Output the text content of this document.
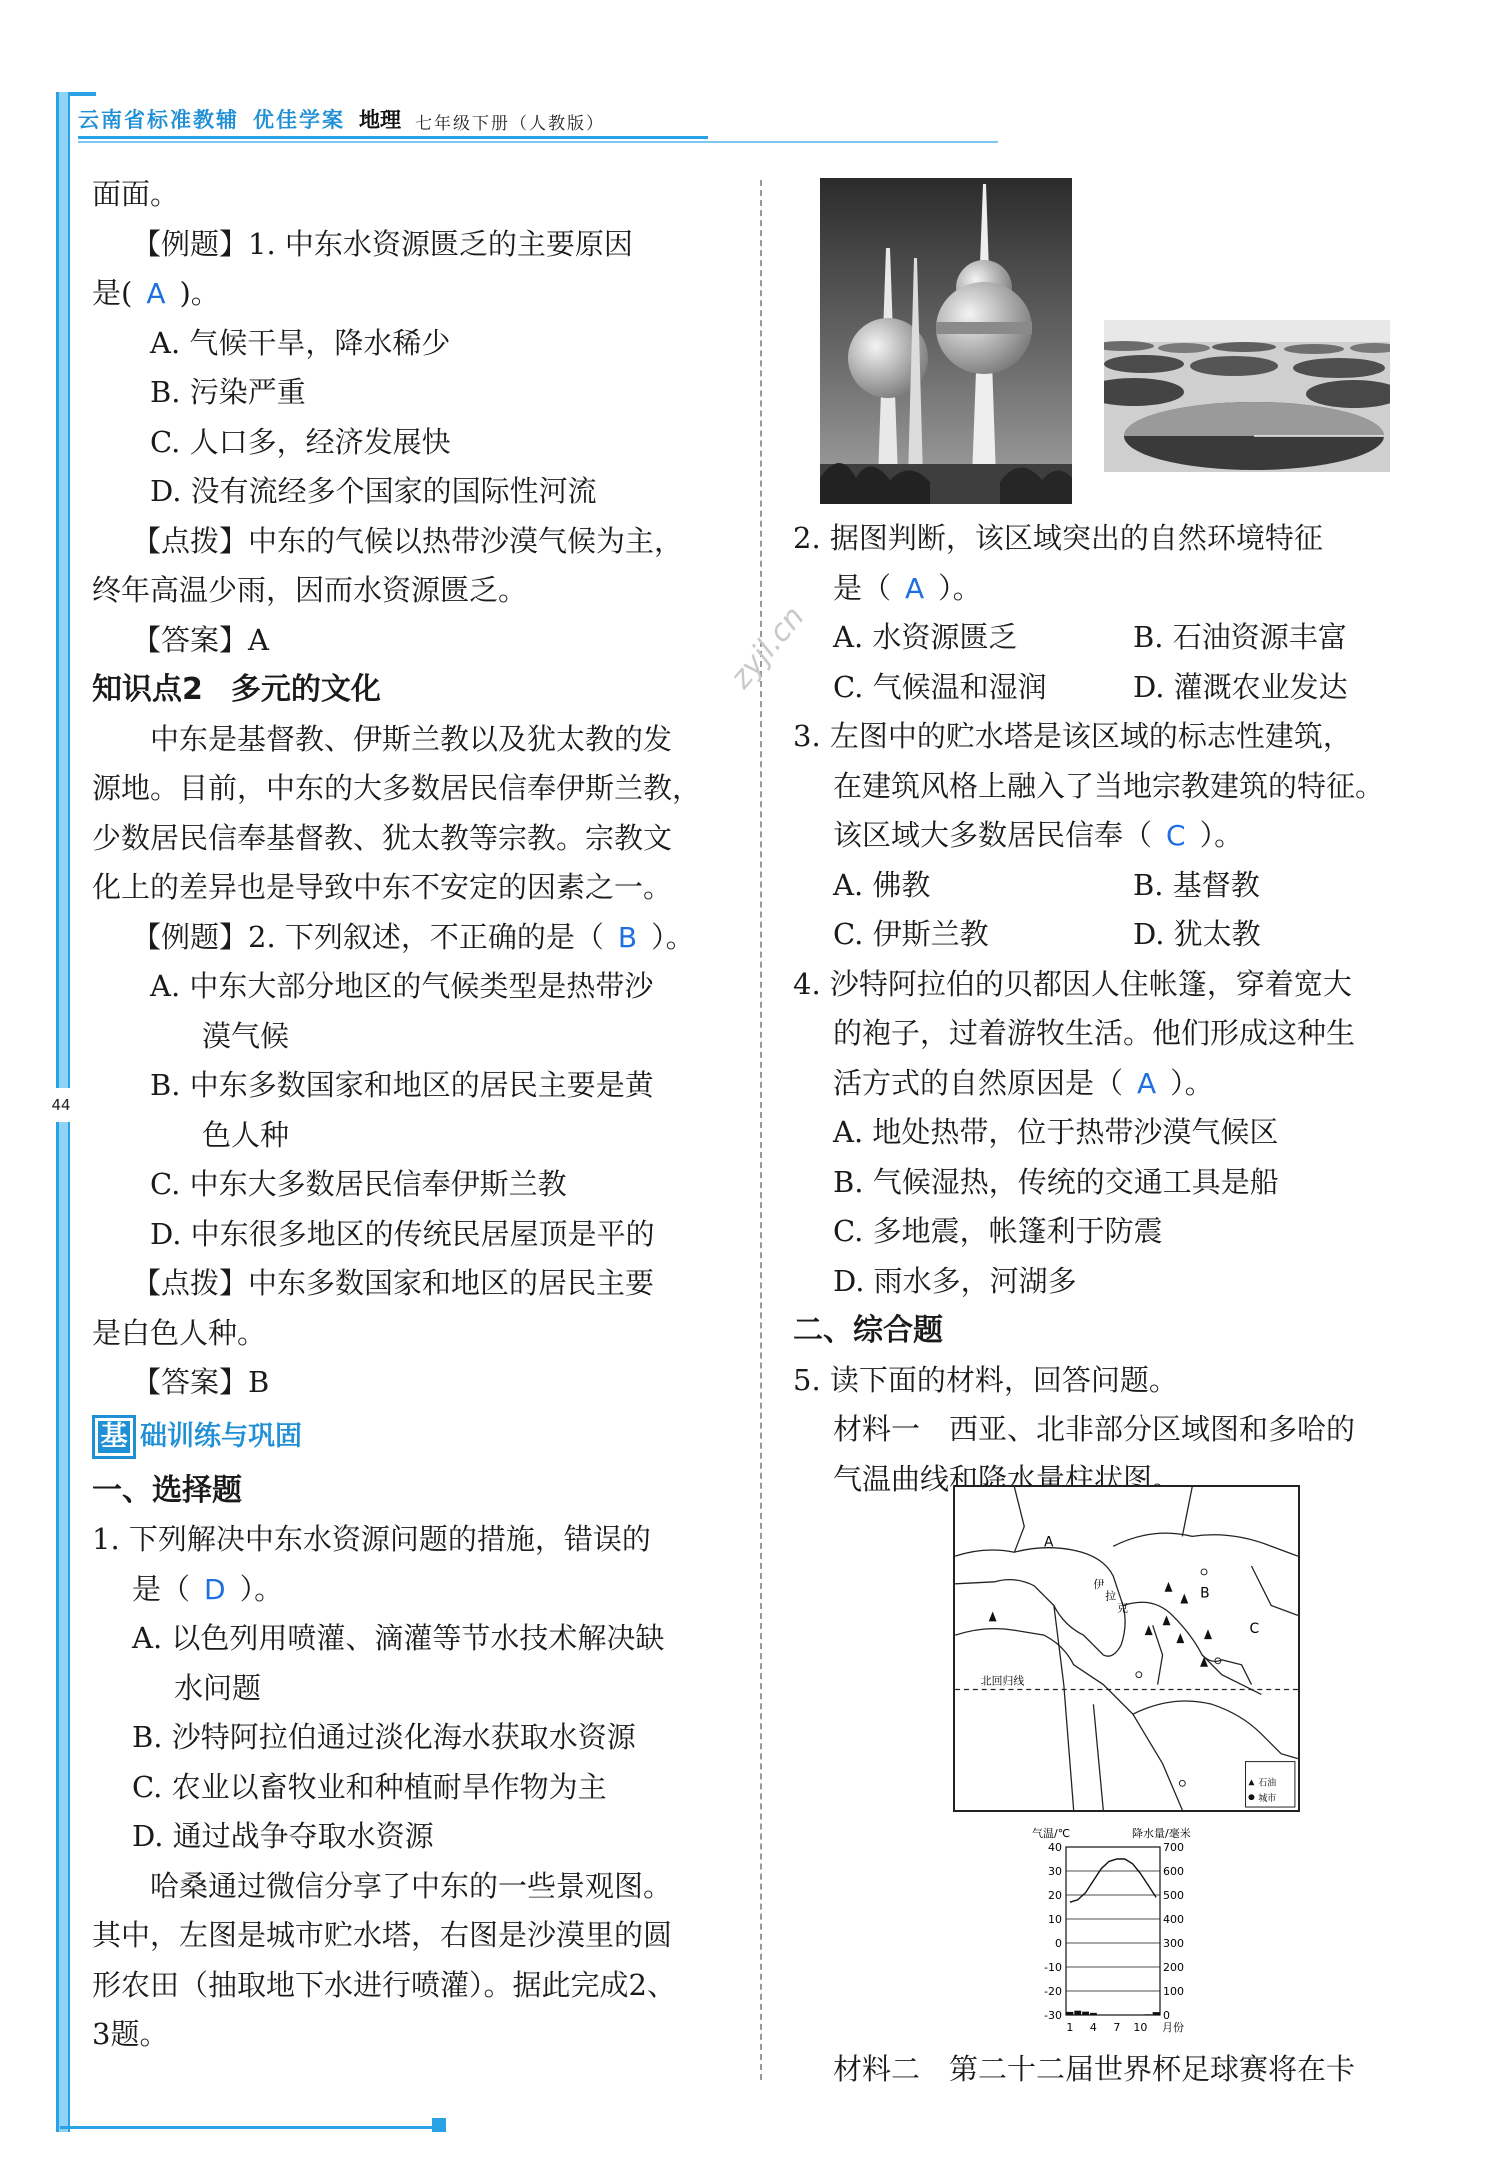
云南省标准教辅 优佳学案 地理 七年级下册（人教版）
44

面面。

【例题】1. 中东水资源匮乏的主要原因

是( A )。

A. 气候干旱，降水稀少

B. 污染严重

C. 人口多，经济发展快

D. 没有流经多个国家的国际性河流

【点拨】中东的气候以热带沙漠气候为主，

终年高温少雨，因而水资源匮乏。

【答案】A

知识点2 多元的文化

中东是基督教、伊斯兰教以及犹太教的发

源地。目前，中东的大多数居民信奉伊斯兰教，

少数居民信奉基督教、犹太教等宗教。宗教文

化上的差异也是导致中东不安定的因素之一。

【例题】2. 下列叙述，不正确的是（ B ）。

A. 中东大部分地区的气候类型是热带沙

漠气候

B. 中东多数国家和地区的居民主要是黄

色人种

C. 中东大多数居民信奉伊斯兰教

D. 中东很多地区的传统民居屋顶是平的

【点拨】中东多数国家和地区的居民主要

是白色人种。

【答案】B

基 础训练与巩固

一、选择题

1. 下列解决中东水资源问题的措施，错误的

是（ D ）。

A. 以色列用喷灌、滴灌等节水技术解决缺

水问题

B. 沙特阿拉伯通过淡化海水获取水资源

C. 农业以畜牧业和种植耐旱作物为主

D. 通过战争夺取水资源

哈桑通过微信分享了中东的一些景观图。

其中，左图是城市贮水塔，右图是沙漠里的圆

形农田（抽取地下水进行喷灌）。据此完成2、

3题。

zyjl.cn

2. 据图判断，该区域突出的自然环境特征

是（ A ）。

A. 水资源匮乏	B. 石油资源丰富
C. 气候温和湿润	D. 灌溉农业发达

3. 左图中的贮水塔是该区域的标志性建筑，

在建筑风格上融入了当地宗教建筑的特征。

该区域大多数居民信奉（ C ）。

A. 佛教	B. 基督教
C. 伊斯兰教	D. 犹太教

4. 沙特阿拉伯的贝都因人住帐篷，穿着宽大

的袍子，过着游牧生活。他们形成这种生

活方式的自然原因是（ A ）。

A. 地处热带，位于热带沙漠气候区

B. 气候湿热，传统的交通工具是船

C. 多地震，帐篷利于防震

D. 雨水多，河湖多

二、综合题

5. 读下面的材料，回答问题。

材料一　西亚、北非部分区域图和多哈的

气温曲线和降水量柱状图。

北回归线
A
B
C
伊
拉
克
石油
城市
气温/℃	降水量/毫米
40	700
30	600
20	500
10	400
0	300
-10	200
-20	100
-30	0
1 4 7 10 月份
材料二　第二十二届世界杯足球赛将在卡
